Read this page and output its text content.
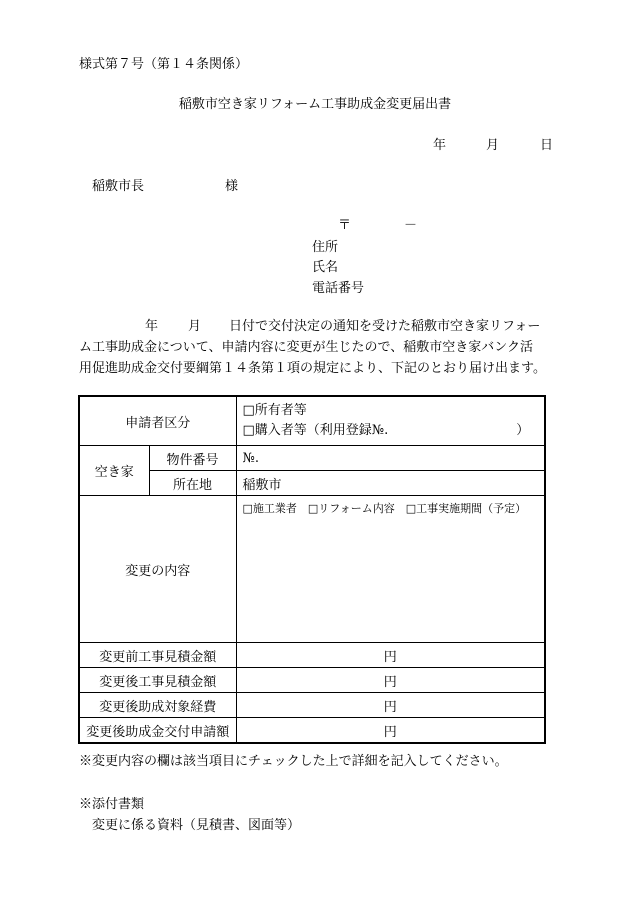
様式第７号（第１４条関係）
稲敷市空き家リフォーム工事助成金変更届出書
年	月	日
稲敷市長	様
〒	－
住所
氏名
電話番号
年 月 日付で交付決定の通知を受けた稲敷市空き家リフォー
ム工事助成金について、申請内容に変更が生じたので、稲敷市空き家バンク活
用促進助成金交付要綱第１４条第１項の規定により、下記のとおり届け出ます。
申請者区分		□所有者等
□購入者等（利用登録№. ）

空き家	物件番号	№.
	所在地	稲敷市
変更の内容		□施工業者　□リフォーム内容　□工事実施期間（予定）
変更前工事見積金額		円
変更後工事見積金額		円
変更後助成対象経費		円
変更後助成金交付申請額		円
※変更内容の欄は該当項目にチェックした上で詳細を記入してください。
※添付書類
変更に係る資料（見積書、図面等）
